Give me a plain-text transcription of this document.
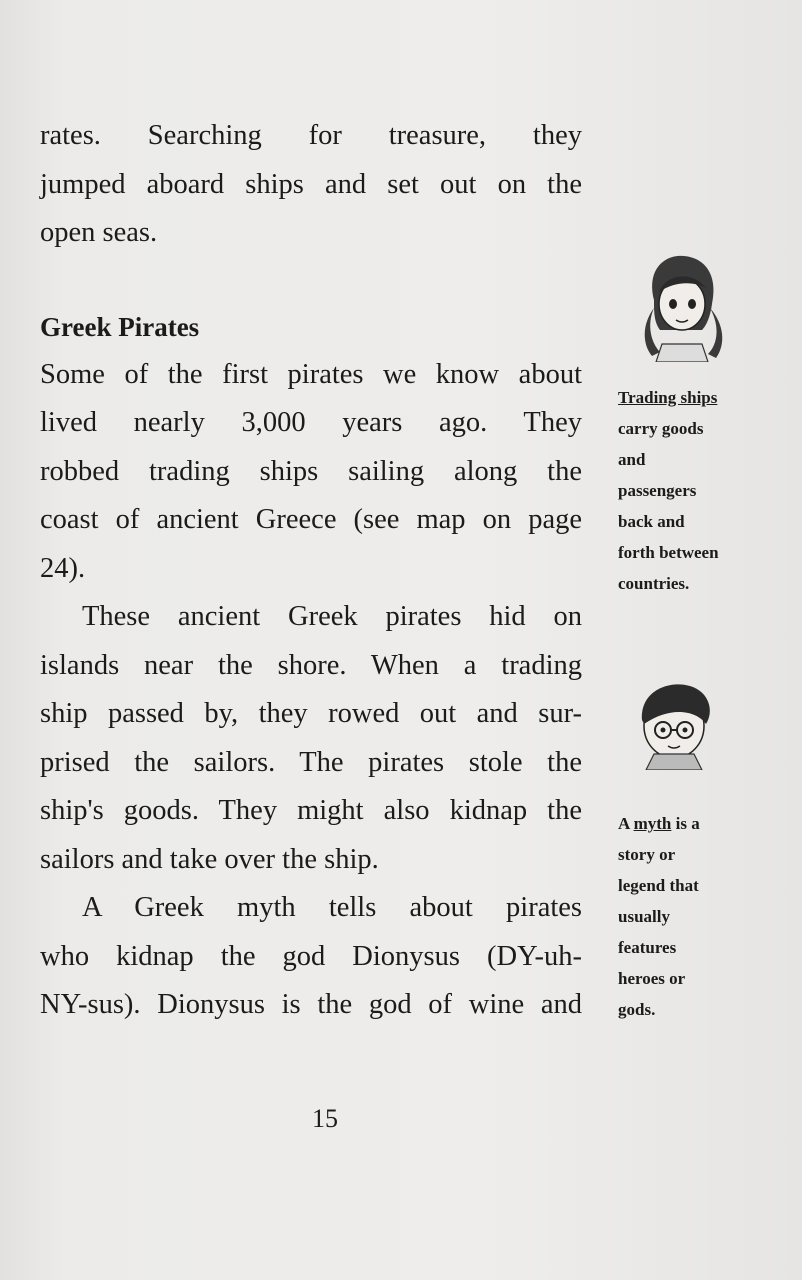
rates. Searching for treasure, they
jumped aboard ships and set out on the
open seas.

Greek Pirates

Some of the first pirates we know about
lived nearly 3,000 years ago. They
robbed trading ships sailing along the
coast of ancient Greece (see map on page
24).

These ancient Greek pirates hid on
islands near the shore. When a trading
ship passed by, they rowed out and sur-
prised the sailors. The pirates stole the
ship's goods. They might also kidnap the
sailors and take over the ship.

A Greek myth tells about pirates
who kidnap the god Dionysus (DY-uh-
NY-sus). Dionysus is the god of wine and

Trading ships
carry goods
and
passengers
back and
forth between
countries.
A myth is a
story or
legend that
usually
features
heroes or
gods.
15
